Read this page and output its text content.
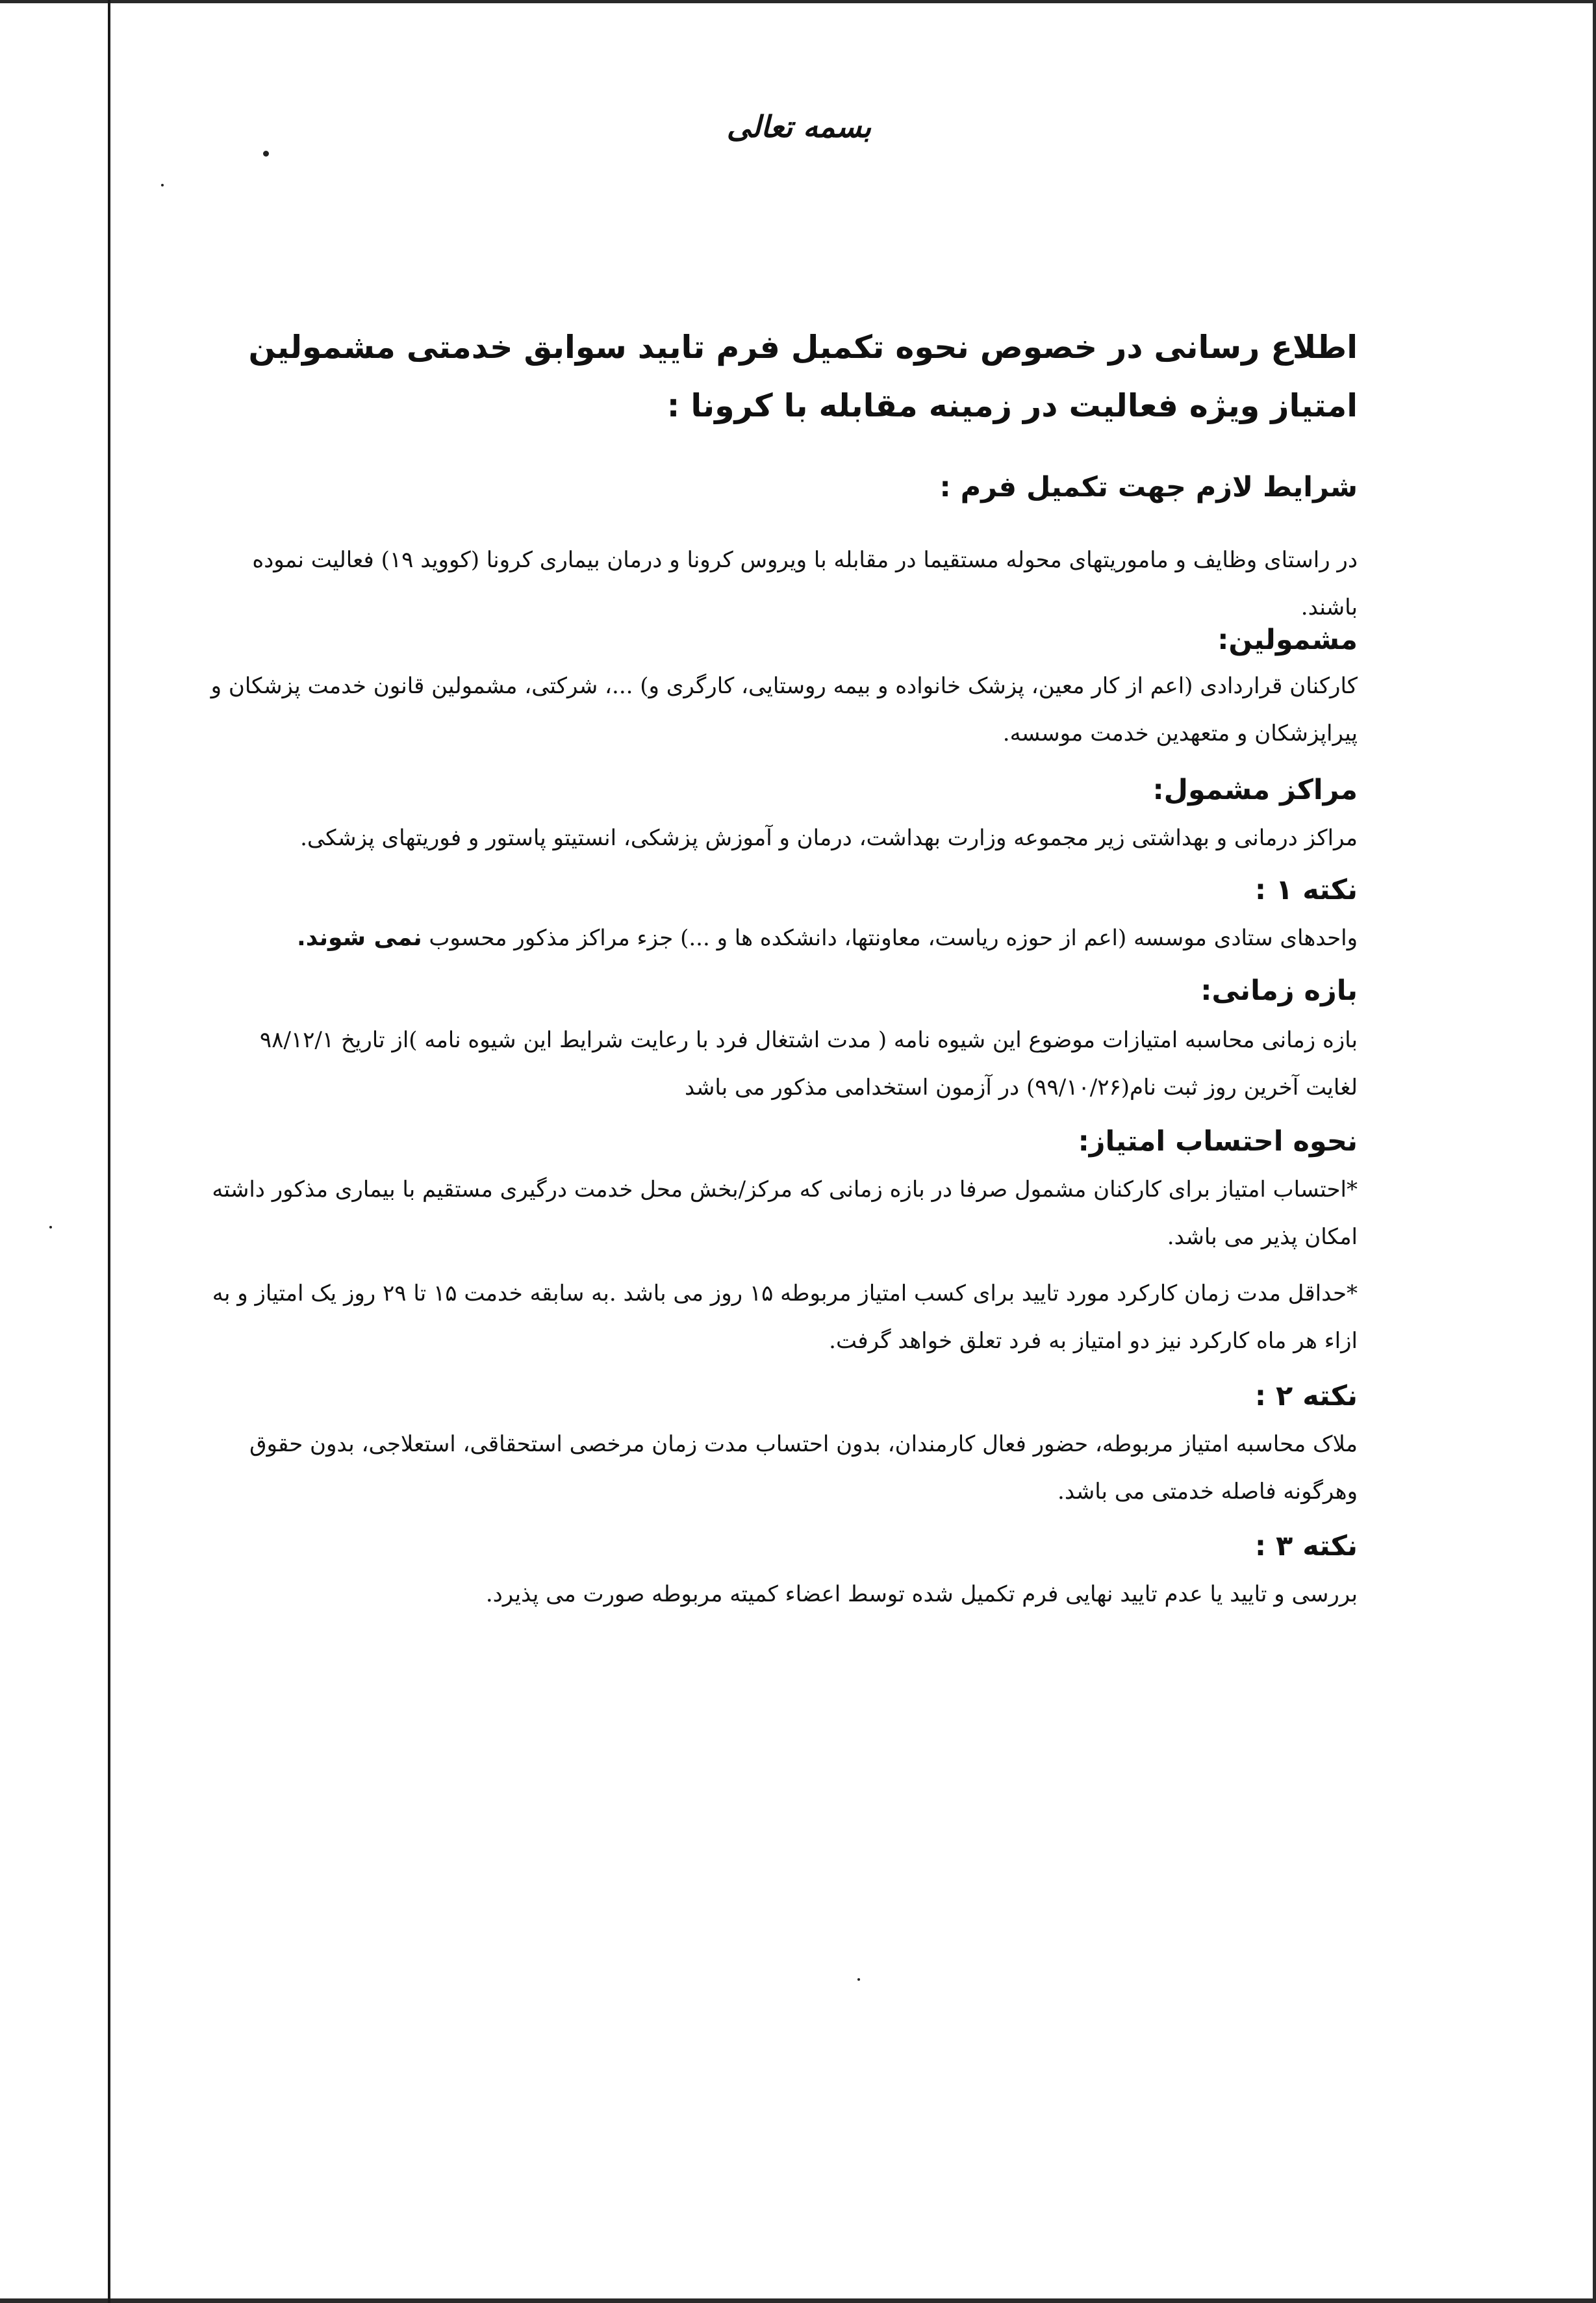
بسمه تعالی
اطلاع رسانی در خصوص نحوه تکمیل فرم تایید سوابق خدمتی مشمولین امتیاز ویژه فعالیت در زمینه مقابله با کرونا :
شرایط لازم جهت تکمیل فرم :
در راستای وظایف و ماموریتهای محوله مستقیما در مقابله با ویروس کرونا و درمان بیماری کرونا (کووید ۱۹) فعالیت نموده باشند.
مشمولین:
کارکنان قراردادی (اعم از کار معین، پزشک خانواده و بیمه روستایی، کارگری و) ...، شرکتی، مشمولین قانون خدمت پزشکان و پیراپزشکان و متعهدین خدمت موسسه.
مراکز مشمول:
مراکز درمانی و بهداشتی زیر مجموعه وزارت بهداشت، درمان و آموزش پزشکی، انستیتو پاستور و فوریتهای پزشکی.
نکته ۱ :
واحدهای ستادی موسسه (اعم از حوزه ریاست، معاونتها، دانشکده ها و ...) جزء مراکز مذکور محسوب نمی شوند.
بازه زمانی:
بازه زمانی محاسبه امتیازات موضوع این شیوه نامه ( مدت اشتغال فرد با رعایت شرایط این شیوه نامه )از تاریخ ۹۸/۱۲/۱ لغایت آخرین روز ثبت نام(۹۹/۱۰/۲۶) در آزمون استخدامی مذکور می باشد
نحوه احتساب امتیاز:
*احتساب امتیاز برای کارکنان مشمول صرفا در بازه زمانی که مرکز/بخش محل خدمت درگیری مستقیم با بیماری مذکور داشته امکان پذیر می باشد.
*حداقل مدت زمان کارکرد مورد تایید برای کسب امتیاز مربوطه ۱۵ روز می باشد .به سابقه خدمت ۱۵ تا ۲۹ روز یک امتیاز و به ازاء هر ماه کارکرد نیز دو امتیاز به فرد تعلق خواهد گرفت.
نکته ۲ :
ملاک محاسبه امتیاز مربوطه، حضور فعال کارمندان، بدون احتساب مدت زمان مرخصی استحقاقی، استعلاجی، بدون حقوق وهرگونه فاصله خدمتی می باشد.
نکته ۳ :
بررسی و تایید یا عدم تایید نهایی فرم تکمیل شده توسط اعضاء کمیته مربوطه صورت می پذیرد.
